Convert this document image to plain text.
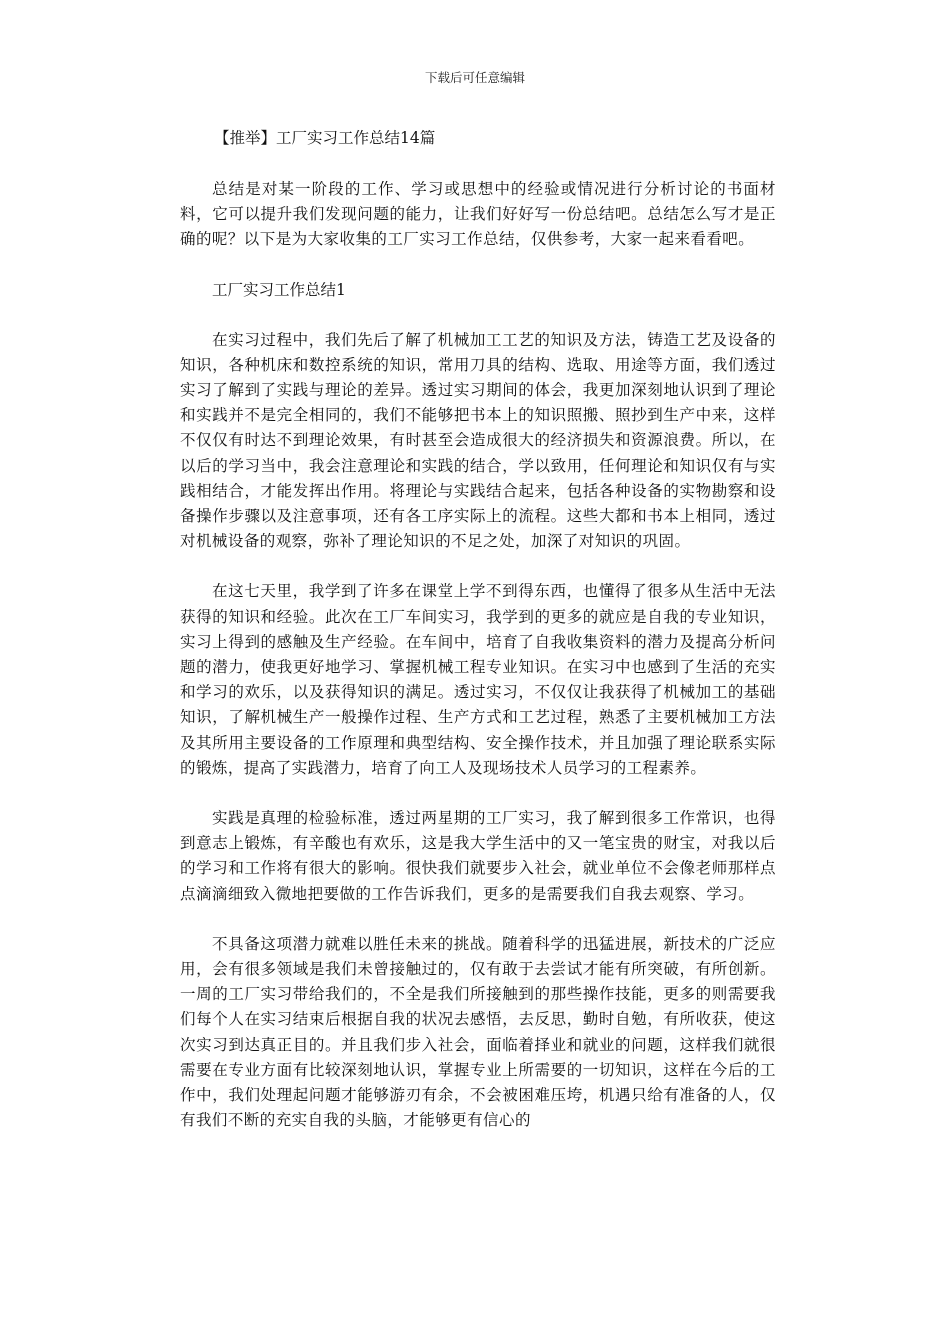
下载后可任意编辑
【推举】工厂实习工作总结14篇

总结是对某一阶段的工作、学习或思想中的经验或情况进行分析讨论的书面材料，它可以提升我们发现问题的能力，让我们好好写一份总结吧。总结怎么写才是正确的呢？以下是为大家收集的工厂实习工作总结，仅供参考，大家一起来看看吧。

工厂实习工作总结1

在实习过程中，我们先后了解了机械加工工艺的知识及方法，铸造工艺及设备的知识，各种机床和数控系统的知识，常用刀具的结构、选取、用途等方面，我们透过实习了解到了实践与理论的差异。透过实习期间的体会，我更加深刻地认识到了理论和实践并不是完全相同的，我们不能够把书本上的知识照搬、照抄到生产中来，这样不仅仅有时达不到理论效果，有时甚至会造成很大的经济损失和资源浪费。所以，在以后的学习当中，我会注意理论和实践的结合，学以致用，任何理论和知识仅有与实践相结合，才能发挥出作用。将理论与实践结合起来，包括各种设备的实物勘察和设备操作步骤以及注意事项，还有各工序实际上的流程。这些大都和书本上相同，透过对机械设备的观察，弥补了理论知识的不足之处，加深了对知识的巩固。

在这七天里，我学到了许多在课堂上学不到得东西，也懂得了很多从生活中无法获得的知识和经验。此次在工厂车间实习，我学到的更多的就应是自我的专业知识，实习上得到的感触及生产经验。在车间中，培育了自我收集资料的潜力及提高分析问题的潜力，使我更好地学习、掌握机械工程专业知识。在实习中也感到了生活的充实和学习的欢乐，以及获得知识的满足。透过实习，不仅仅让我获得了机械加工的基础知识，了解机械生产一般操作过程、生产方式和工艺过程，熟悉了主要机械加工方法及其所用主要设备的工作原理和典型结构、安全操作技术，并且加强了理论联系实际的锻炼，提高了实践潜力，培育了向工人及现场技术人员学习的工程素养。

实践是真理的检验标准，透过两星期的工厂实习，我了解到很多工作常识，也得到意志上锻炼，有辛酸也有欢乐，这是我大学生活中的又一笔宝贵的财宝，对我以后的学习和工作将有很大的影响。很快我们就要步入社会，就业单位不会像老师那样点点滴滴细致入微地把要做的工作告诉我们，更多的是需要我们自我去观察、学习。

不具备这项潜力就难以胜任未来的挑战。随着科学的迅猛进展，新技术的广泛应用，会有很多领域是我们未曾接触过的，仅有敢于去尝试才能有所突破，有所创新。一周的工厂实习带给我们的，不全是我们所接触到的那些操作技能，更多的则需要我们每个人在实习结束后根据自我的状况去感悟，去反思，勤时自勉，有所收获，使这次实习到达真正目的。并且我们步入社会，面临着择业和就业的问题，这样我们就很需要在专业方面有比较深刻地认识，掌握专业上所需要的一切知识，这样在今后的工作中，我们处理起问题才能够游刃有余，不会被困难压垮，机遇只给有准备的人，仅有我们不断的充实自我的头脑，才能够更有信心的
